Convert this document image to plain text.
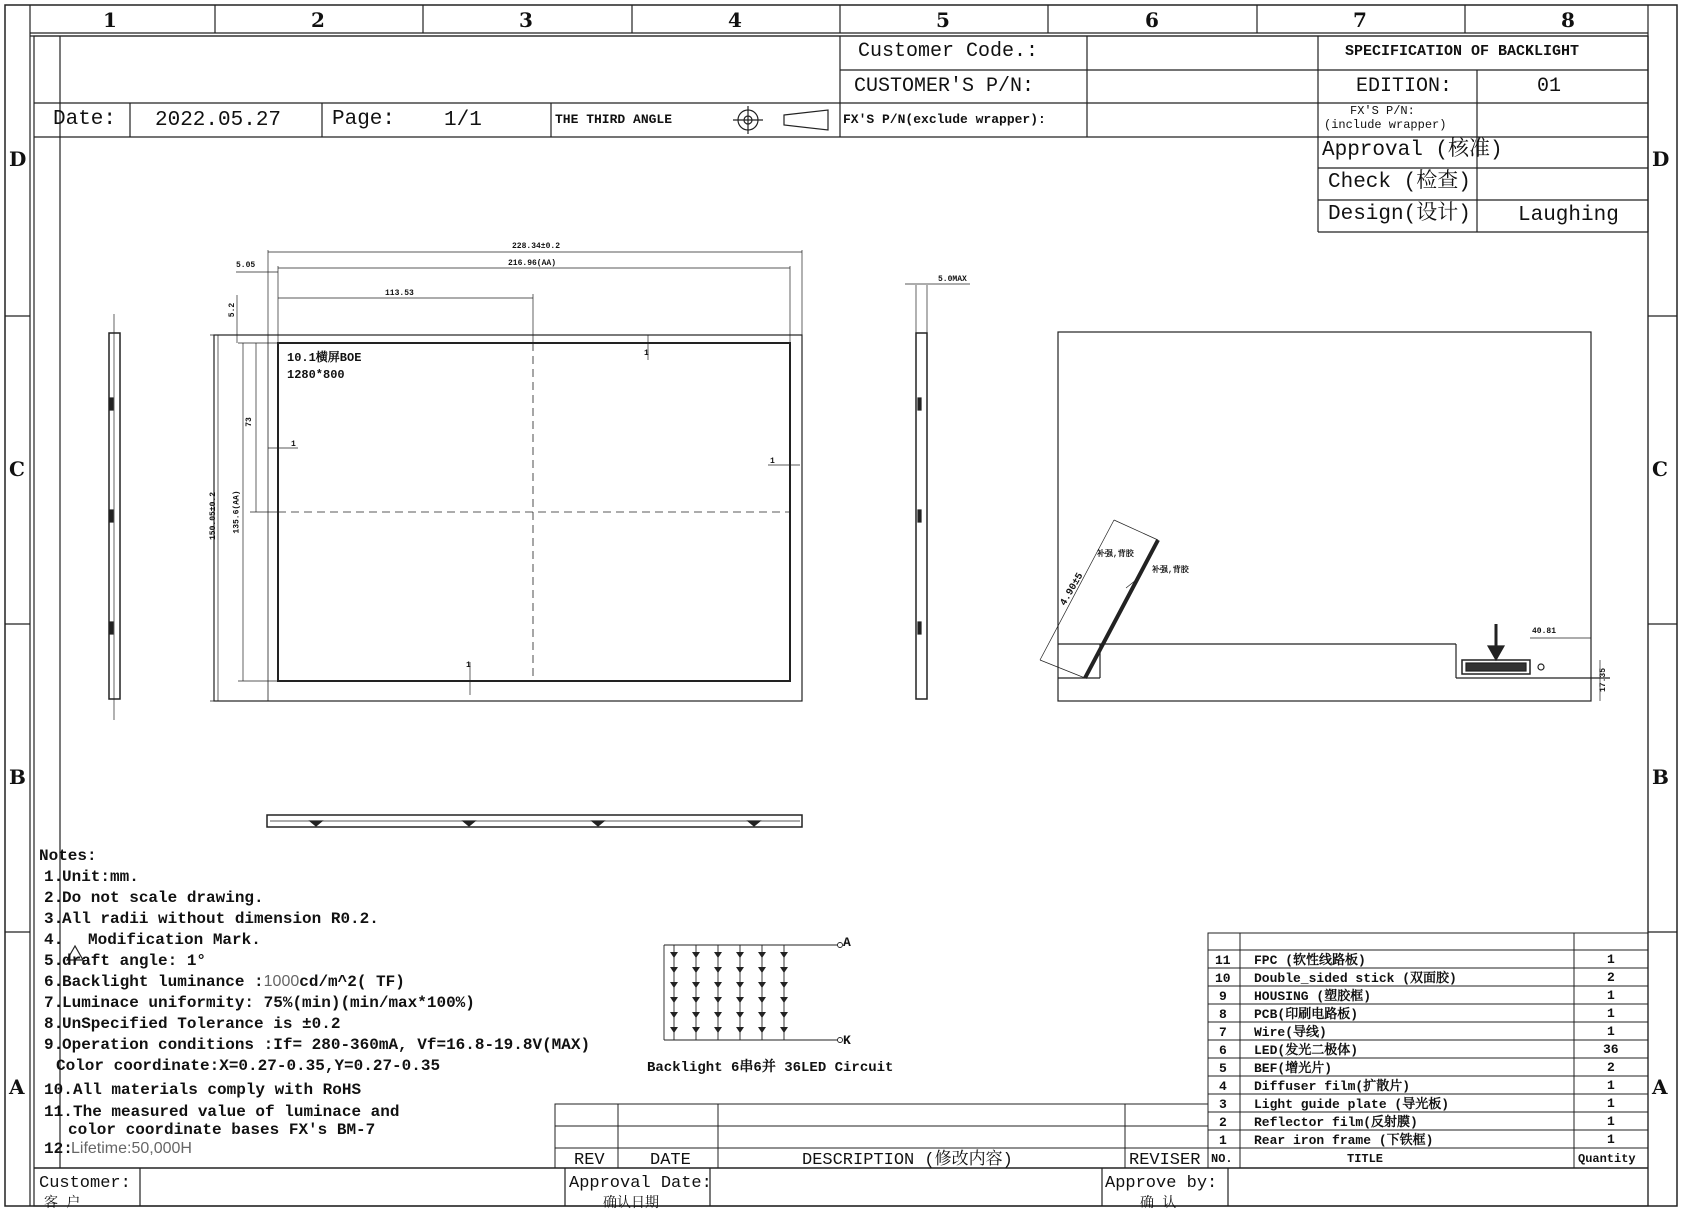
1	2	3	4	5	6	7	8
D
C
B
A
D
C
B
A
Customer Code.:
CUSTOMER'S P/N:
FX'S P/N(exclude wrapper):
SPECIFICATION OF BACKLIGHT
EDITION:	01
FX'S P/N:
(include wrapper)
Approval (核准)
Check (检查)
Design(设计) Laughing
Date: 2022.05.27 Page: 1/1	THE THIRD ANGLE
228.34±0.2
216.96(AA)
113.53
5.05
5.2
73
150.05±0.2 135.6(AA)
10.1横屏BOE
1280*800
5.0MAX
4.90±5
补强,背胶
补强,背胶
40.81
17.35
1
1
1
1
Notes:
1.
Unit:mm.
2.
Do not scale drawing.
3.
All radii without dimension R0.2.
4. Modification Mark.
5.
draft angle: 1°
6.
Backlight luminance :1000cd/m^2( TF)
7.
Luminace uniformity: 75%(min)(min/max*100%)
8.
UnSpecified Tolerance is ±0.2
9.
Operation conditions :If= 280-360mA, Vf=16.8-19.8V(MAX)
Color coordinate:X=0.27-0.35,Y=0.27-0.35
10. All materials comply with RoHS
11. The measured value of luminace and
color coordinate bases FX's BM-7
12:
Lifetime:50,000H
Backlight 6串6并 36LED Circuit
A
K
11 FPC (软性线路板)	1
10 Double_sided stick (双面胶)	2
9 HOUSING (塑胶框)	1
8 PCB(印刷电路板)	1
7 Wire(导线)	1
6 LED(发光二极体)	36
5 BEF(增光片)	2
4 Diffuser film(扩散片)	1
3 Light guide plate (导光板)	1
2 Reflector film(反射膜)	1
1 Rear iron frame (下铁框)	1
NO.	TITLE	Quantity
REV	DATE	DESCRIPTION (修改内容)	REVISER
Customer:
客 户
Approval Date:
确认日期
Approve by:
确 认
